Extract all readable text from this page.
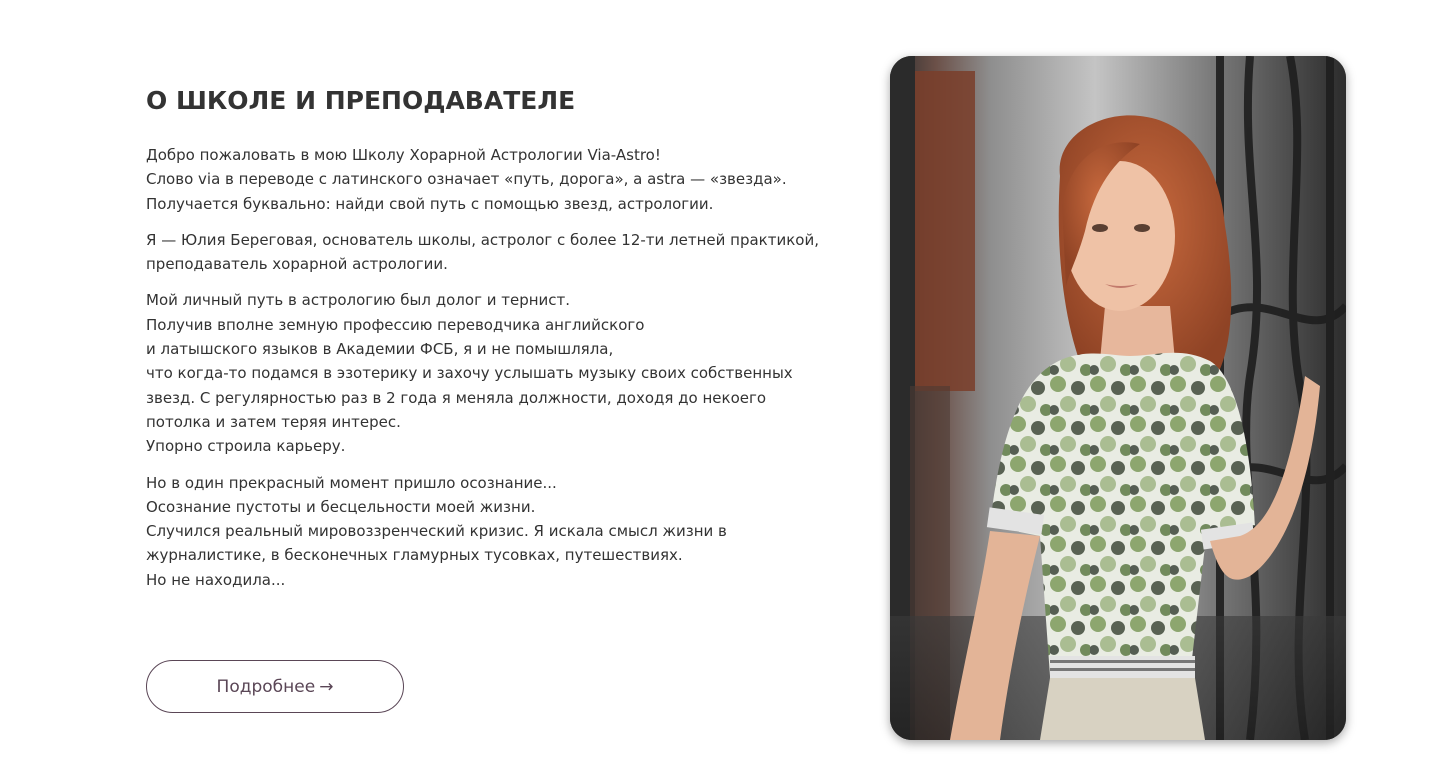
О ШКОЛЕ И ПРЕПОДАВАТЕЛЕ

Добро пожаловать в мою Школу Хорарной Астрологии Via-Astro!
Слово via в переводе с латинского означает «путь, дорога», а astra — «звезда».
Получается буквально: найди свой путь с помощью звезд, астрологии.

Я — Юлия Береговая, основатель школы, астролог с более 12-ти летней практикой,
преподаватель хорарной астрологии.

Мой личный путь в астрологию был долог и тернист.
Получив вполне земную профессию переводчика английского
и латышского языков в Академии ФСБ, я и не помышляла,
что когда-то подамся в эзотерику и захочу услышать музыку своих собственных
звезд. С регулярностью раз в 2 года я меняла должности, доходя до некоего
потолка и затем теряя интерес.
Упорно строила карьеру.

Но в один прекрасный момент пришло осознание...
Осознание пустоты и бесцельности моей жизни.
Случился реальный мировоззренческий кризис. Я искала смысл жизни в
журналистике, в бесконечных гламурных тусовках, путешествиях.
Но не находила...

Подробнее →
